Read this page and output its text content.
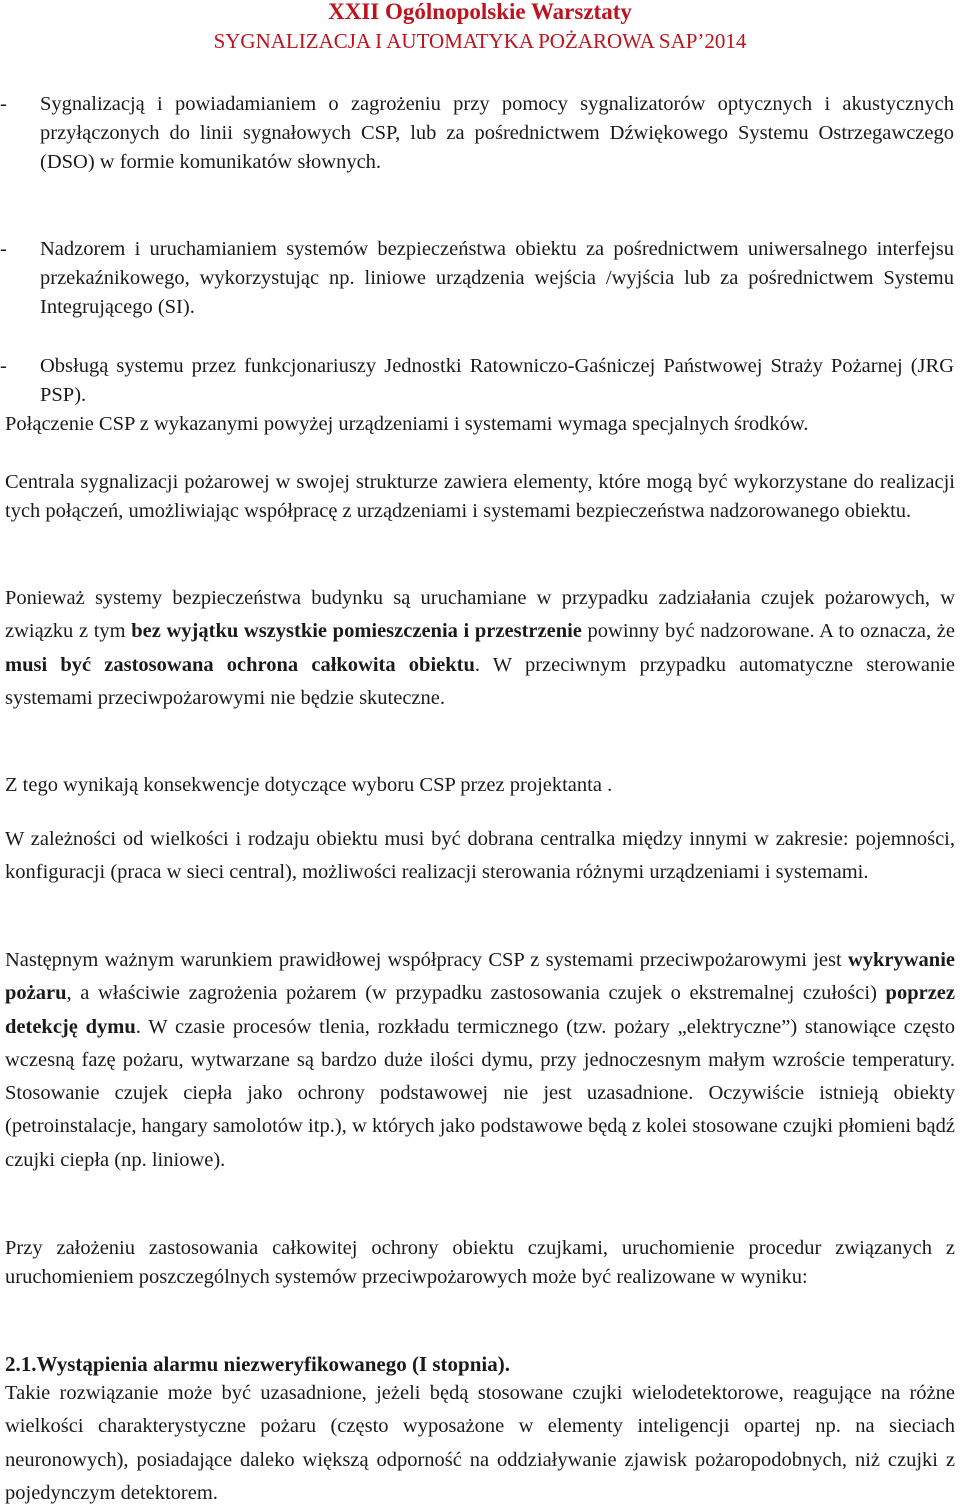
XXII Ogólnopolskie Warsztaty
SYGNALIZACJA I AUTOMATYKA POŻAROWA SAP’2014
- Sygnalizacją i powiadamianiem o zagrożeniu przy pomocy sygnalizatorów optycznych i akustycznych przyłączonych do linii sygnałowych CSP, lub za pośrednictwem Dźwiękowego Systemu Ostrzegawczego (DSO) w formie komunikatów słownych.
- Nadzorem i uruchamianiem systemów bezpieczeństwa obiektu za pośrednictwem uniwersalnego interfejsu przekaźnikowego, wykorzystując np. liniowe urządzenia wejścia /wyjścia lub za pośrednictwem Systemu Integrującego (SI).
- Obsługą systemu przez funkcjonariuszy Jednostki Ratowniczo-Gaśniczej Państwowej Straży Pożarnej (JRG PSP).
Połączenie CSP z wykazanymi powyżej urządzeniami i systemami wymaga specjalnych środków.
Centrala sygnalizacji pożarowej w swojej strukturze zawiera elementy, które mogą być wykorzystane do realizacji tych połączeń, umożliwiając współpracę z urządzeniami i systemami bezpieczeństwa nadzorowanego obiektu.
Ponieważ systemy bezpieczeństwa budynku są uruchamiane w przypadku zadziałania czujek pożarowych, w związku z tym bez wyjątku wszystkie pomieszczenia i przestrzenie powinny być nadzorowane. A to oznacza, że musi być zastosowana ochrona całkowita obiektu. W przeciwnym przypadku automatyczne sterowanie systemami przeciwpożarowymi nie będzie skuteczne.
Z tego wynikają konsekwencje dotyczące wyboru CSP przez projektanta .
W zależności od wielkości i rodzaju obiektu musi być dobrana centralka między innymi w zakresie: pojemności, konfiguracji (praca w sieci central), możliwości realizacji sterowania różnymi urządzeniami i systemami.
Następnym ważnym warunkiem prawidłowej współpracy CSP z systemami przeciwpożarowymi jest wykrywanie pożaru, a właściwie zagrożenia pożarem (w przypadku zastosowania czujek o ekstremalnej czułości) poprzez detekcję dymu. W czasie procesów tlenia, rozkładu termicznego (tzw. pożary „elektryczne”) stanowiące często wczesną fazę pożaru, wytwarzane są bardzo duże ilości dymu, przy jednoczesnym małym wzroście temperatury. Stosowanie czujek ciepła jako ochrony podstawowej nie jest uzasadnione. Oczywiście istnieją obiekty (petroinstalacje, hangary samolotów itp.), w których jako podstawowe będą z kolei stosowane czujki płomieni bądź czujki ciepła (np. liniowe).
Przy założeniu zastosowania całkowitej ochrony obiektu czujkami, uruchomienie procedur związanych z uruchomieniem poszczególnych systemów przeciwpożarowych może być realizowane w wyniku:
2.1.Wystąpienia alarmu niezweryfikowanego (I stopnia).
Takie rozwiązanie może być uzasadnione, jeżeli będą stosowane czujki wielodetektorowe, reagujące na różne wielkości charakterystyczne pożaru (często wyposażone w elementy inteligencji opartej np. na sieciach neuronowych), posiadające daleko większą odporność na oddziaływanie zjawisk pożaropodobnych, niż czujki z pojedynczym detektorem.
